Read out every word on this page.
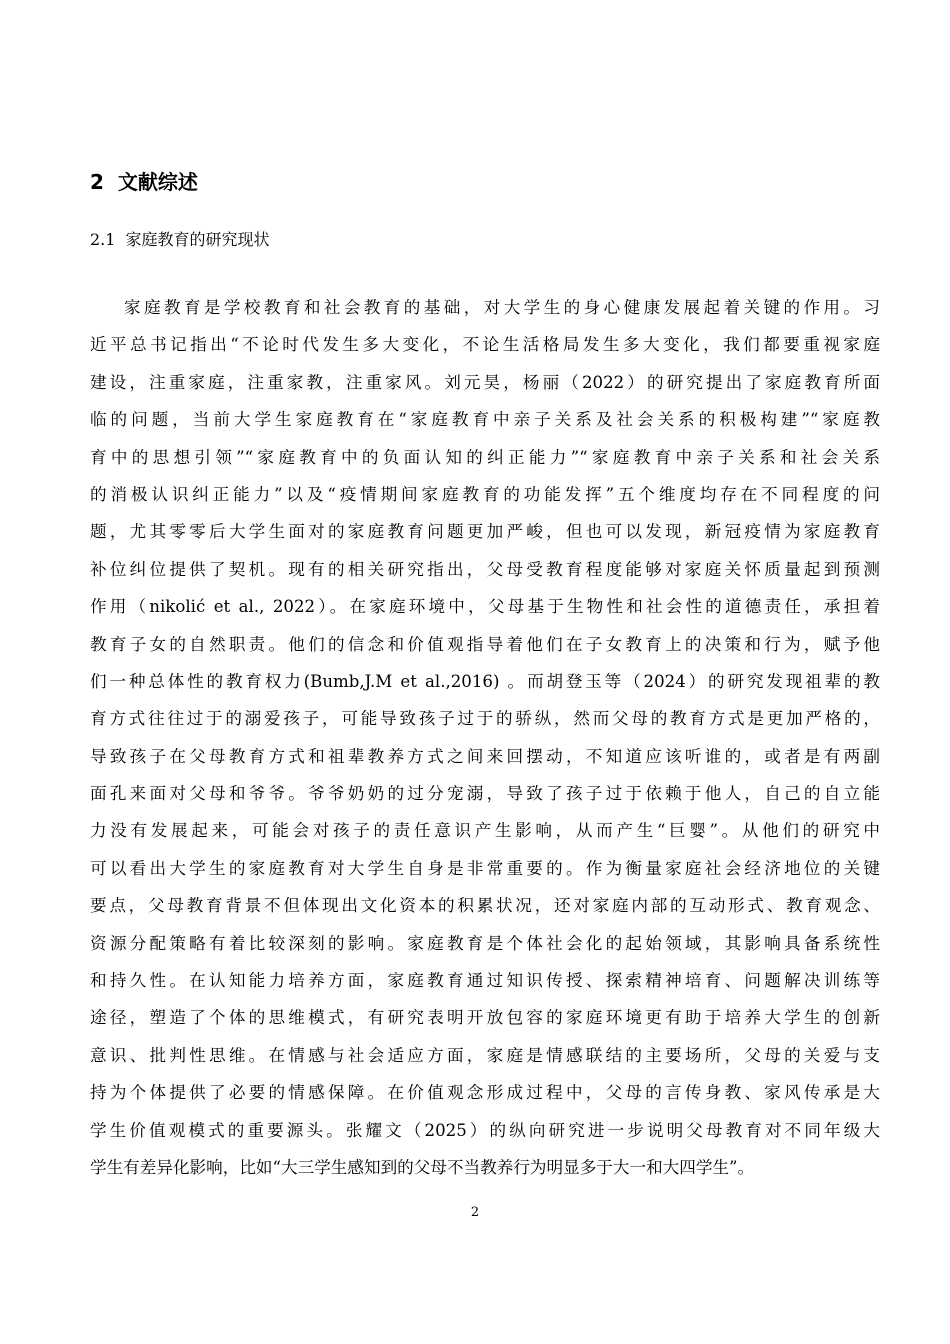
2 文献综述
2.1 家庭教育的研究现状
家庭教育是学校教育和社会教育的基础，对大学生的身心健康发展起着关键的作用。习
近平总书记指出“不论时代发生多大变化，不论生活格局发生多大变化，我们都要重视家庭
建设，注重家庭，注重家教，注重家风。刘元昊，杨丽（2022）的研究提出了家庭教育所面
临的问题，当前大学生家庭教育在“家庭教育中亲子关系及社会关系的积极构建”“家庭教
育中的思想引领”“家庭教育中的负面认知的纠正能力”“家庭教育中亲子关系和社会关系
的消极认识纠正能力”以及“疫情期间家庭教育的功能发挥”五个维度均存在不同程度的问
题，尤其零零后大学生面对的家庭教育问题更加严峻，但也可以发现，新冠疫情为家庭教育
补位纠位提供了契机。现有的相关研究指出，父母受教育程度能够对家庭关怀质量起到预测
作用（nikolić et al., 2022）。在家庭环境中，父母基于生物性和社会性的道德责任，承担着
教育子女的自然职责。他们的信念和价值观指导着他们在子女教育上的决策和行为，赋予他
们一种总体性的教育权力(Bumb,J.M et al.,2016) 。而胡登玉等（2024）的研究发现祖辈的教
育方式往往过于的溺爱孩子，可能导致孩子过于的骄纵，然而父母的教育方式是更加严格的，
导致孩子在父母教育方式和祖辈教养方式之间来回摆动，不知道应该听谁的，或者是有两副
面孔来面对父母和爷爷。爷爷奶奶的过分宠溺，导致了孩子过于依赖于他人，自己的自立能
力没有发展起来，可能会对孩子的责任意识产生影响，从而产生“巨婴”。从他们的研究中
可以看出大学生的家庭教育对大学生自身是非常重要的。作为衡量家庭社会经济地位的关键
要点，父母教育背景不但体现出文化资本的积累状况，还对家庭内部的互动形式、教育观念、
资源分配策略有着比较深刻的影响。家庭教育是个体社会化的起始领域，其影响具备系统性
和持久性。在认知能力培养方面，家庭教育通过知识传授、探索精神培育、问题解决训练等
途径，塑造了个体的思维模式，有研究表明开放包容的家庭环境更有助于培养大学生的创新
意识、批判性思维。在情感与社会适应方面，家庭是情感联结的主要场所，父母的关爱与支
持为个体提供了必要的情感保障。在价值观念形成过程中，父母的言传身教、家风传承是大
学生价值观模式的重要源头。张耀文（2025）的纵向研究进一步说明父母教育对不同年级大
学生有差异化影响，比如“大三学生感知到的父母不当教养行为明显多于大一和大四学生”。
2
